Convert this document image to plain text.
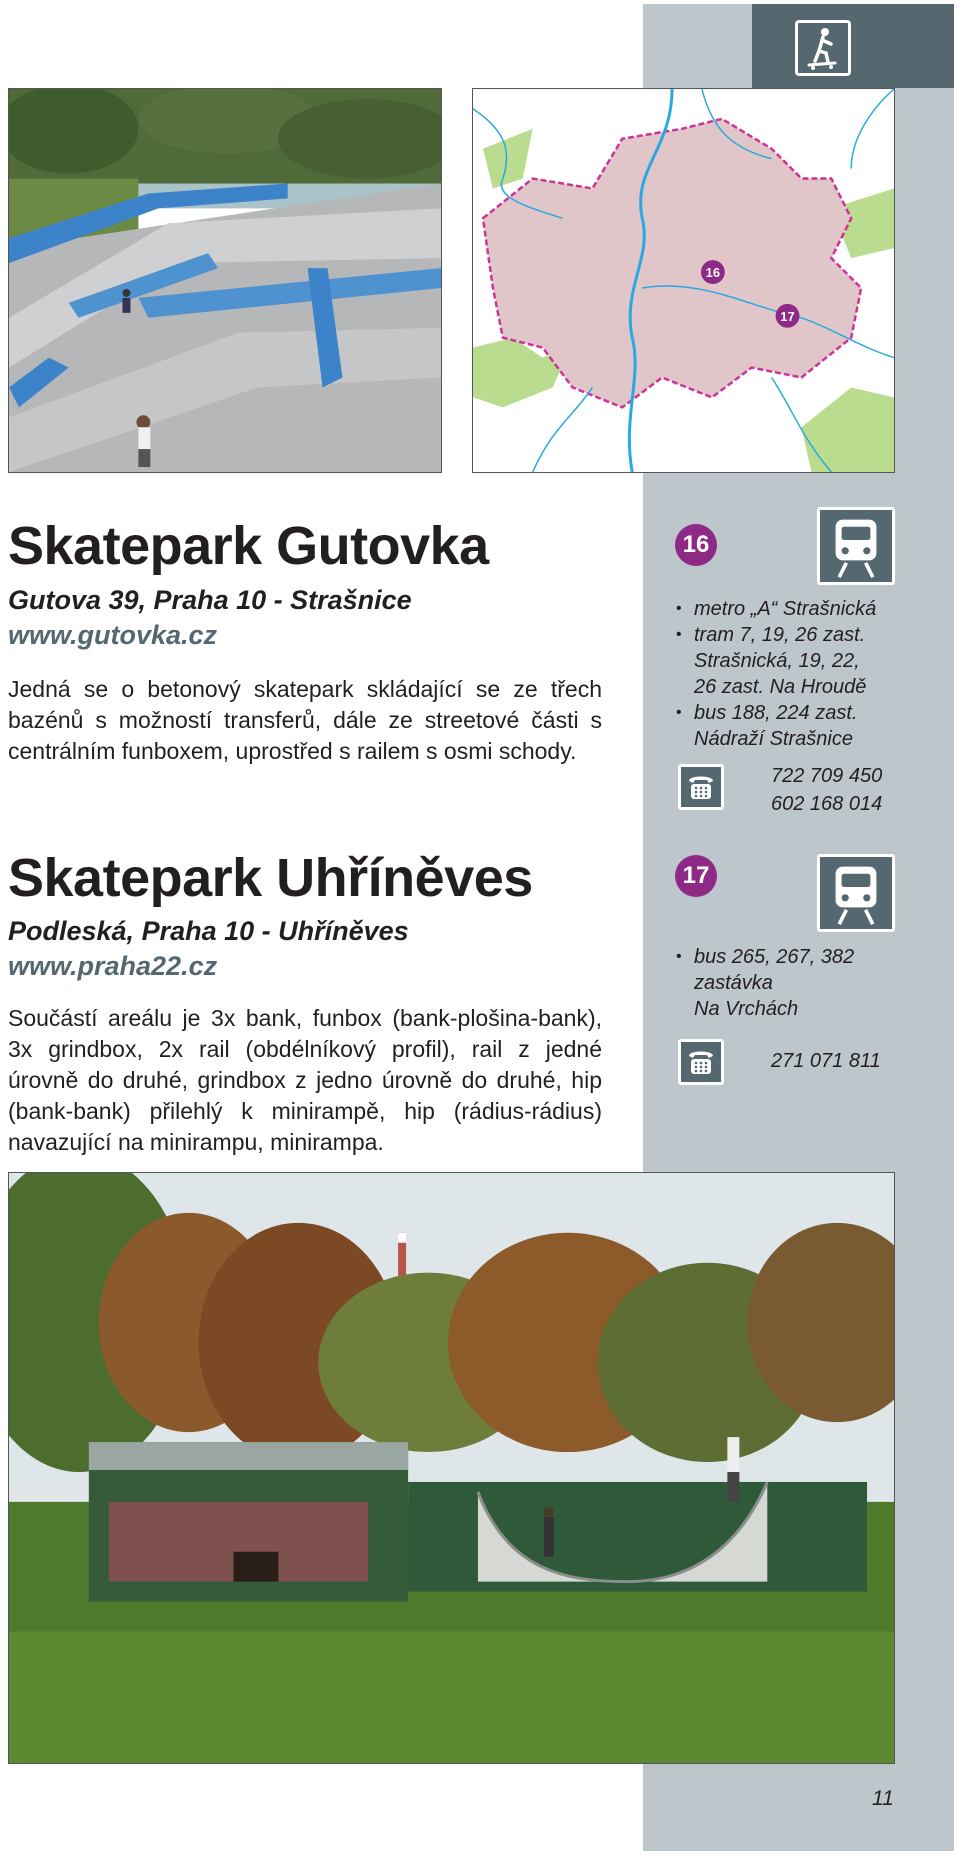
16
17
Skatepark Gutovka
Gutova 39, Praha 10 - Strašnice
www.gutovka.cz

Jedná se o betonový skatepark skládající se ze třech bazénů s možností transferů, dále ze streetové části s centrálním funboxem, uprostřed s railem s osmi schody.

16
• metro „A“ Strašnická
• tram 7, 19, 26 zast.
Strašnická, 19, 22,
26 zast. Na Hroudě
• bus 188, 224 zast.
Nádraží Strašnice
722 709 450
602 168 014
Skatepark Uhříněves
Podleská, Praha 10 - Uhříněves
www.praha22.cz

Součástí areálu je 3x bank, funbox (bank-plošina-bank), 3x grindbox, 2x rail (obdélníkový profil), rail z jedné úrovně do druhé, grindbox z jedno úrovně do druhé, hip (bank-bank) přilehlý k minirampě, hip (rádius-rádius) navazující na minirampu, minirampa.

17
• bus 265, 267, 382
zastávka
Na Vrchách
271 071 811
11
